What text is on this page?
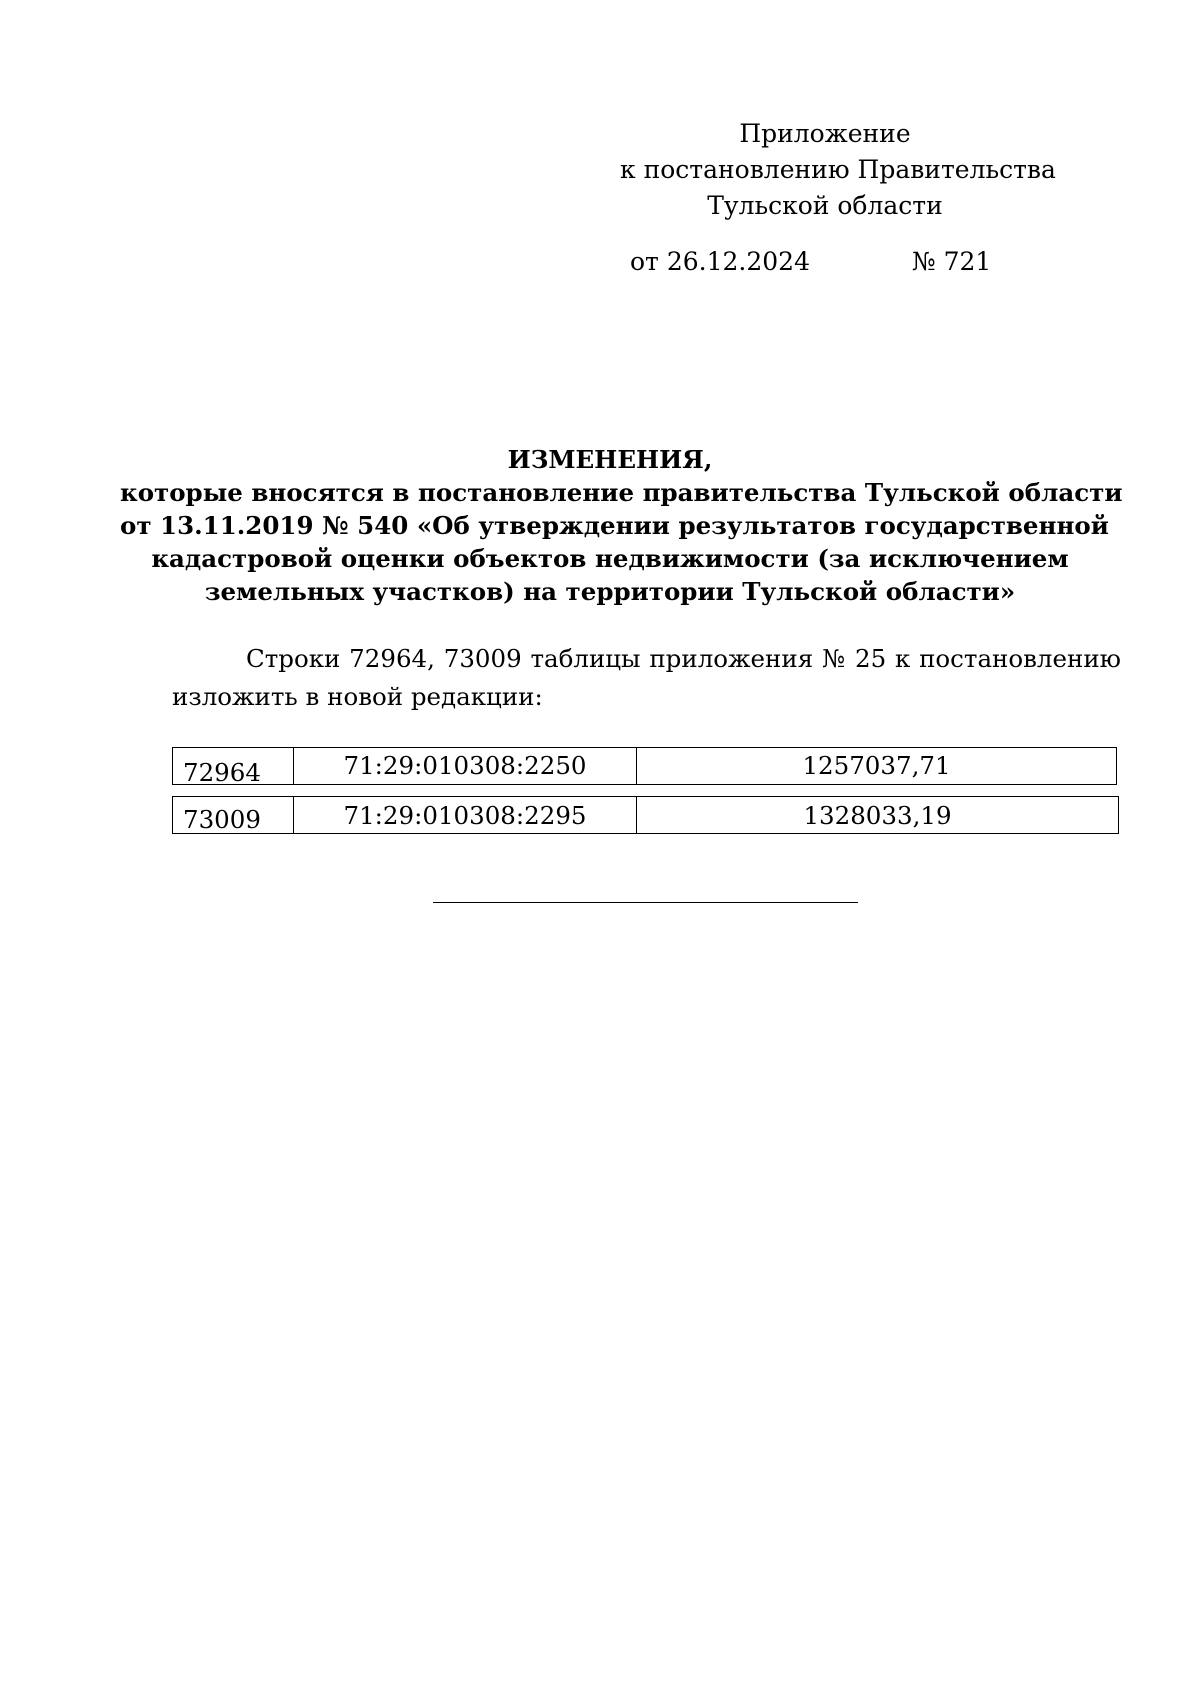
Приложение
к постановлению Правительства
Тульской области
от 26.12.2024	№ 721
ИЗМЕНЕНИЯ,
которые вносятся в постановление правительства Тульской области
от 13.11.2019 № 540 «Об утверждении результатов государственной
кадастровой оценки объектов недвижимости (за исключением
земельных участков) на территории Тульской области»
Строки 72964, 73009 таблицы приложения № 25 к постановлению
изложить в новой редакции:
72964	71:29:010308:2250	1257037,71
73009	71:29:010308:2295	1328033,19
